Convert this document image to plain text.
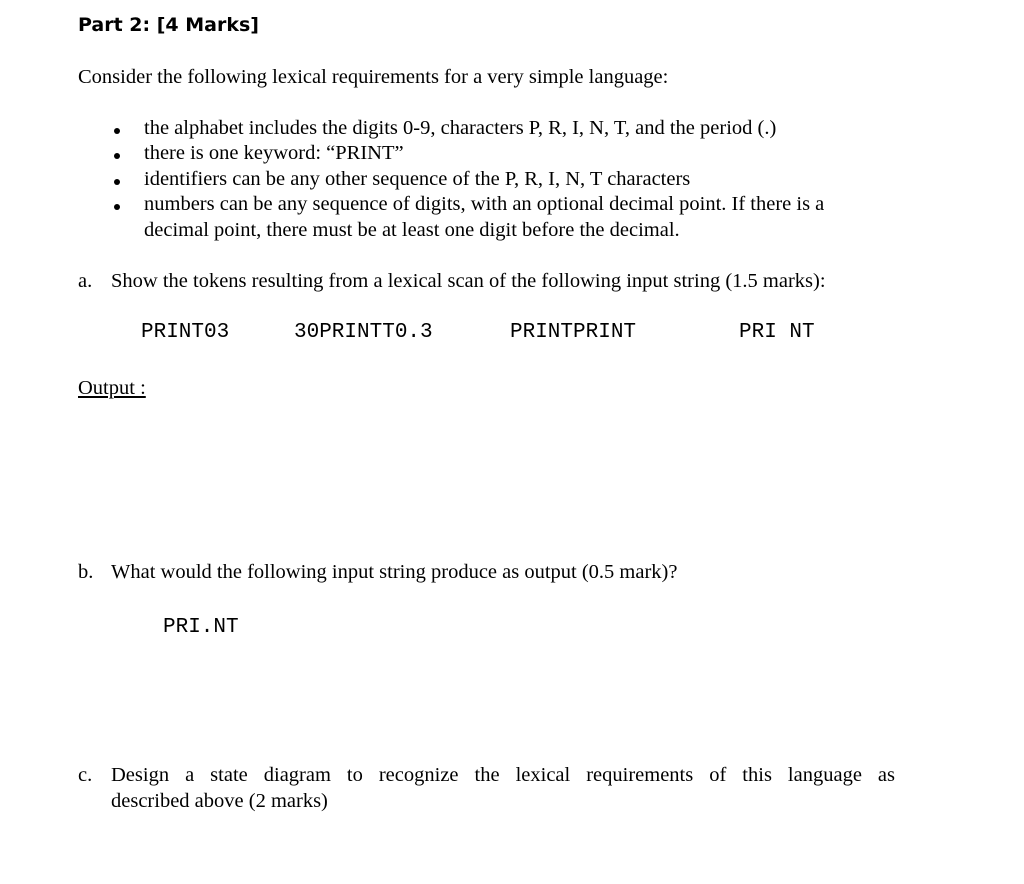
Part 2: [4 Marks]
Consider the following lexical requirements for a very simple language:
the alphabet includes the digits 0-9, characters P, R, I, N, T, and the period (.)
there is one keyword: “PRINT”
identifiers can be any other sequence of the P, R, I, N, T characters
numbers can be any sequence of digits, with an optional decimal point. If there is a
decimal point, there must be at least one digit before the decimal.
a. Show the tokens resulting from a lexical scan of the following input string (1.5 marks):
PRINT03	30PRINTT0.3	PRINTPRINT	PRI NT
Output :
b. What would the following input string produce as output (0.5 mark)?
PRI.NT
c. Design a state diagram to recognize the lexical requirements of this language as
described above (2 marks)
